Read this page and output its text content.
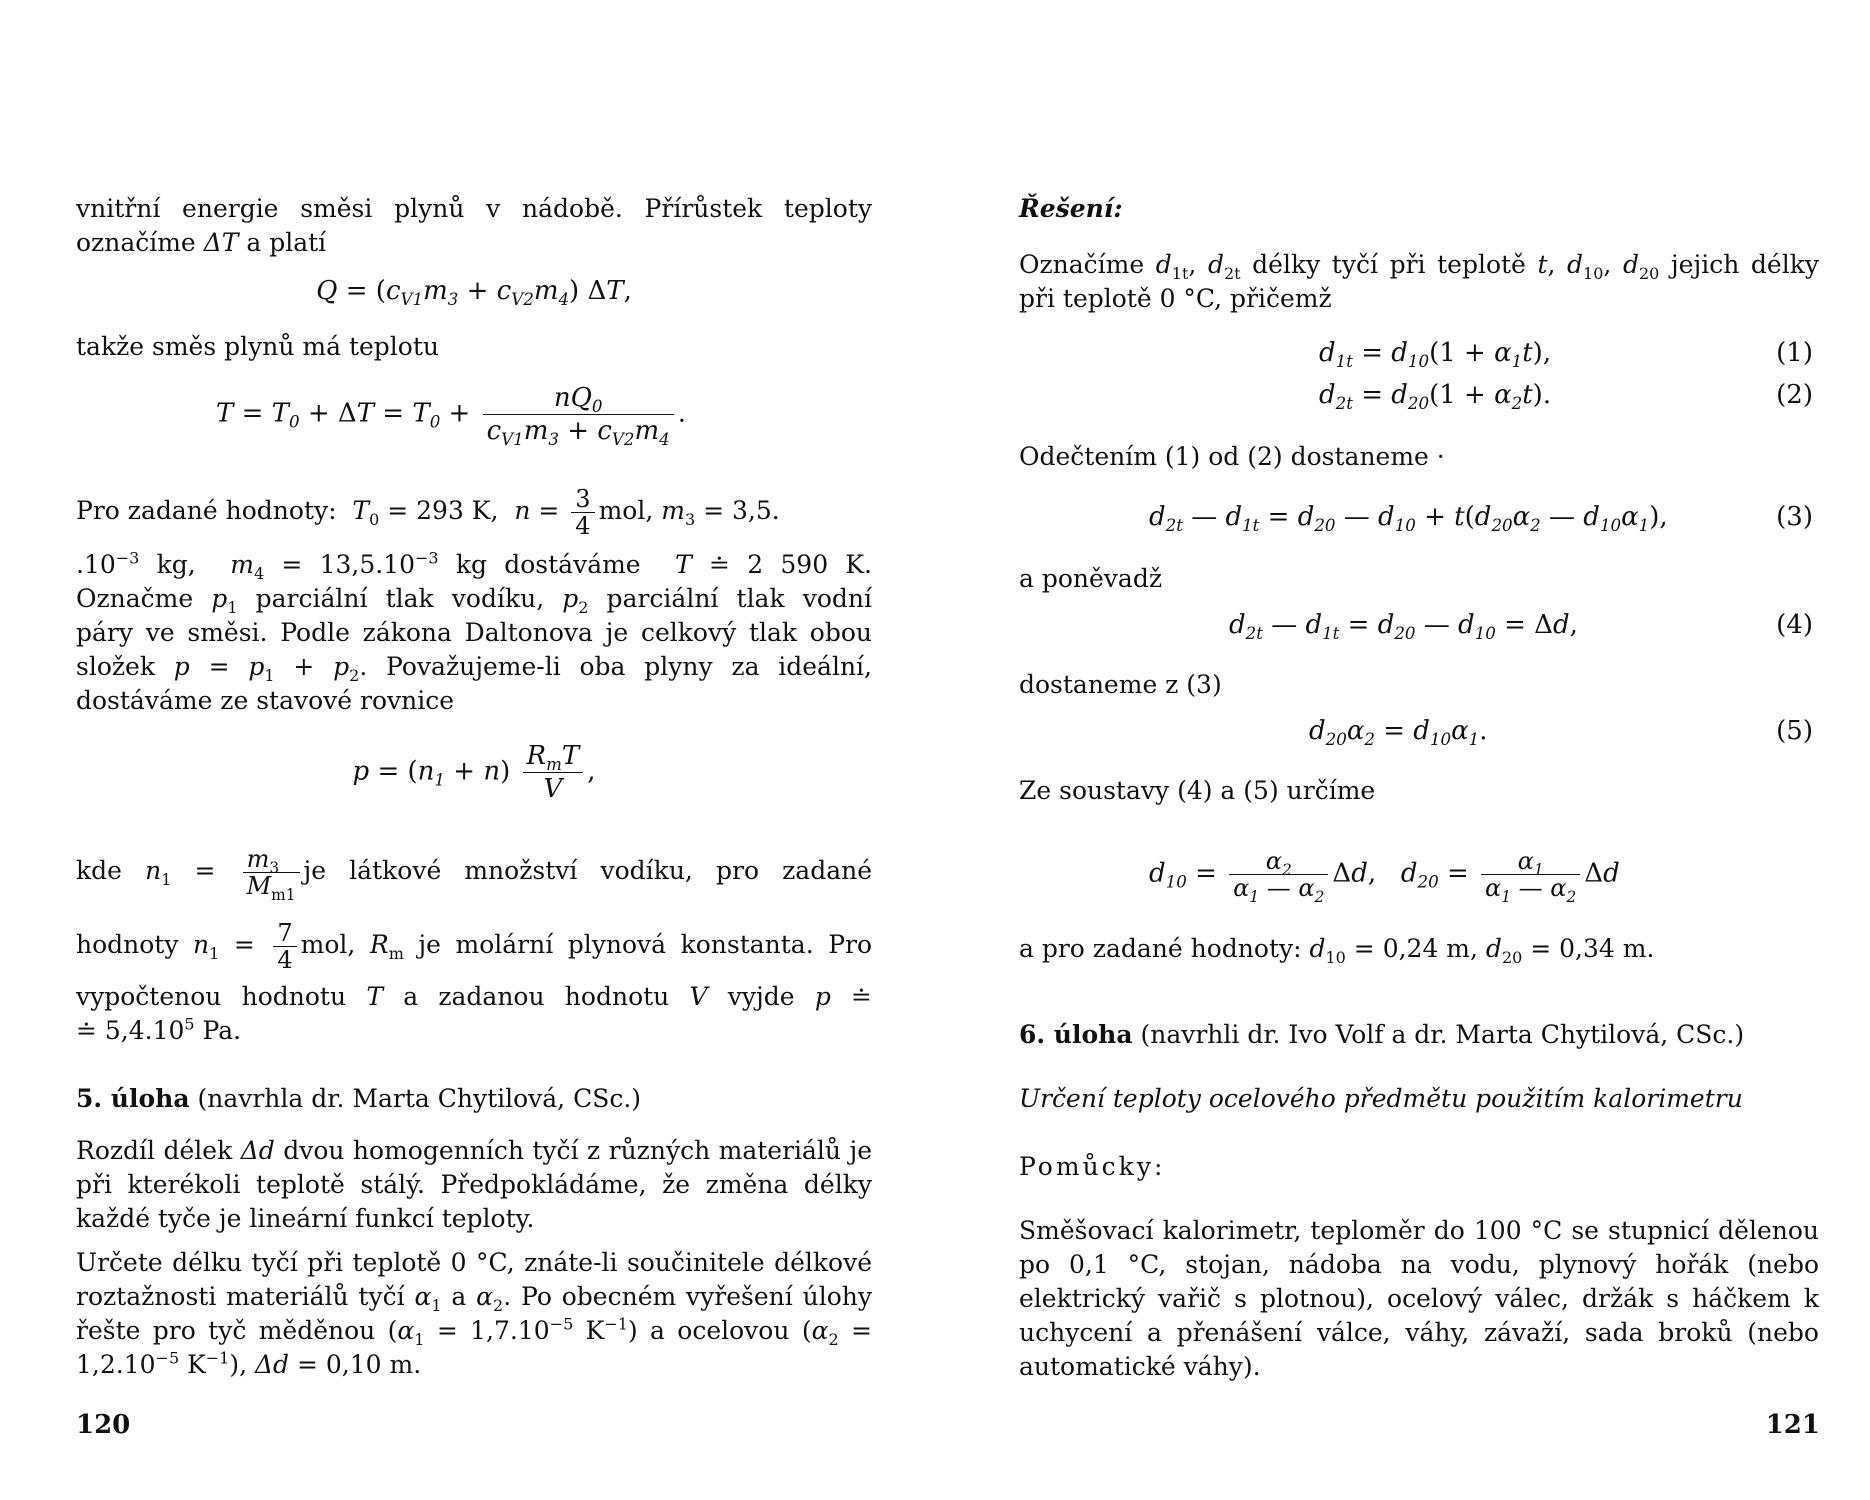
vnitřní energie směsi plynů v nádobě. Přírůstek teploty
označíme ΔT a platí
$Q = (c_{V1}m_3 + c_{V2}m_4)$ ΔT,
takže směs plynů má teplotu
$T = T_0 + \Delta T = T_0 + \frac{nQ_0}{c_{V1}m_3 + c_{V2}m_4}$ .
Pro zadané hodnoty: $T_0 = 293$ K, $n = \frac{3}{4}$ mol, $m_3 = 3,5$.
$.10^{-3}$ kg, $m_4 = 13,5.10^{-3}$ kg dostáváme T ≐ 2 590 K.
Označme $p_1$ parciální tlak vodíku, $p_2$ parciální tlak vodní
páry ve směsi. Podle zákona Daltonova je celkový tlak obou
složek $p = p_1 + p_2$. Považujeme-li oba plyny za ideální,
dostáváme ze stavové rovnice
$p = (n_1 + n) \frac{R_mT}{V}$ ,
kde $n_1 = \frac{m_3}{M_{m1}}$ je látkové množství vodíku, pro zadané
hodnoty $n_1 = \frac{7}{4}$ mol, $R_m$ je molární plynová konstanta. Pro
vypočtenou hodnotu T a zadanou hodnotu V vyjde p ≐
≐ 5,4.10$^5$ Pa.
5. úloha (navrhla dr. Marta Chytilová, CSc.)
Rozdíl délek Δd dvou homogenních tyčí z různých materiálů je při kterékoli teplotě stálý. Předpokládáme, že změna délky každé tyče je lineární funkcí teploty.
Určete délku tyčí při teplotě 0 °C, znáte-li součinitele délkové roztažnosti materiálů tyčí $\alpha_1$ a $\alpha_2$. Po obecném vyřešení úlohy řešte pro tyč měděnou ($\alpha_1 = 1,7.10^{-5}$ $K^{-1}$) a ocelovou ($\alpha_2 = 1,2.10^{-5}$ $K^{-1}$), Δd = 0,10 m.
120
Řešení:
Označíme $d_{1t}$, $d_{2t}$ délky tyčí při teplotě t, $d_{10}$, $d_{20}$ jejich délky při teplotě 0 °C, přičemž
$d_{1t} = d_{10}(1 + \alpha_1t)$,	(1)
$d_{2t} = d_{20}(1 + \alpha_2t)$.	(2)
Odečtením (1) od (2) dostaneme ·
$d_{2t}$ — $d_{1t} = d_{20}$ — $d_{10} + t(d_{20}\alpha_2$ — $d_{10}\alpha_1$),	(3)
a poněvadž
$d_{2t}$ — $d_{1t} = d_{20}$ — $d_{10} = \Delta d$,	(4)
dostaneme z (3)
$d_{20}\alpha_2 = d_{10}\alpha_1$.	(5)
Ze soustavy (4) a (5) určíme
$d_{10} = \frac{\alpha_2}{\alpha_1 — \alpha_2} \Delta d$,   $d_{20} = \frac{\alpha_1}{\alpha_1 — \alpha_2}$ Δd
a pro zadané hodnoty: $d_{10} = 0,24$ m, $d_{20} = 0,34$ m.
6. úloha (navrhli dr. Ivo Volf a dr. Marta Chytilová, CSc.)
Určení teploty ocelového předmětu použitím kalorimetru
Pomůcky:
Směšovací kalorimetr, teploměr do 100 °C se stupnicí dělenou po 0,1 °C, stojan, nádoba na vodu, plynový hořák (nebo elektrický vařič s plotnou), ocelový válec, držák s háčkem k uchycení a přenášení válce, váhy, závaží, sada broků (nebo automatické váhy).
121
